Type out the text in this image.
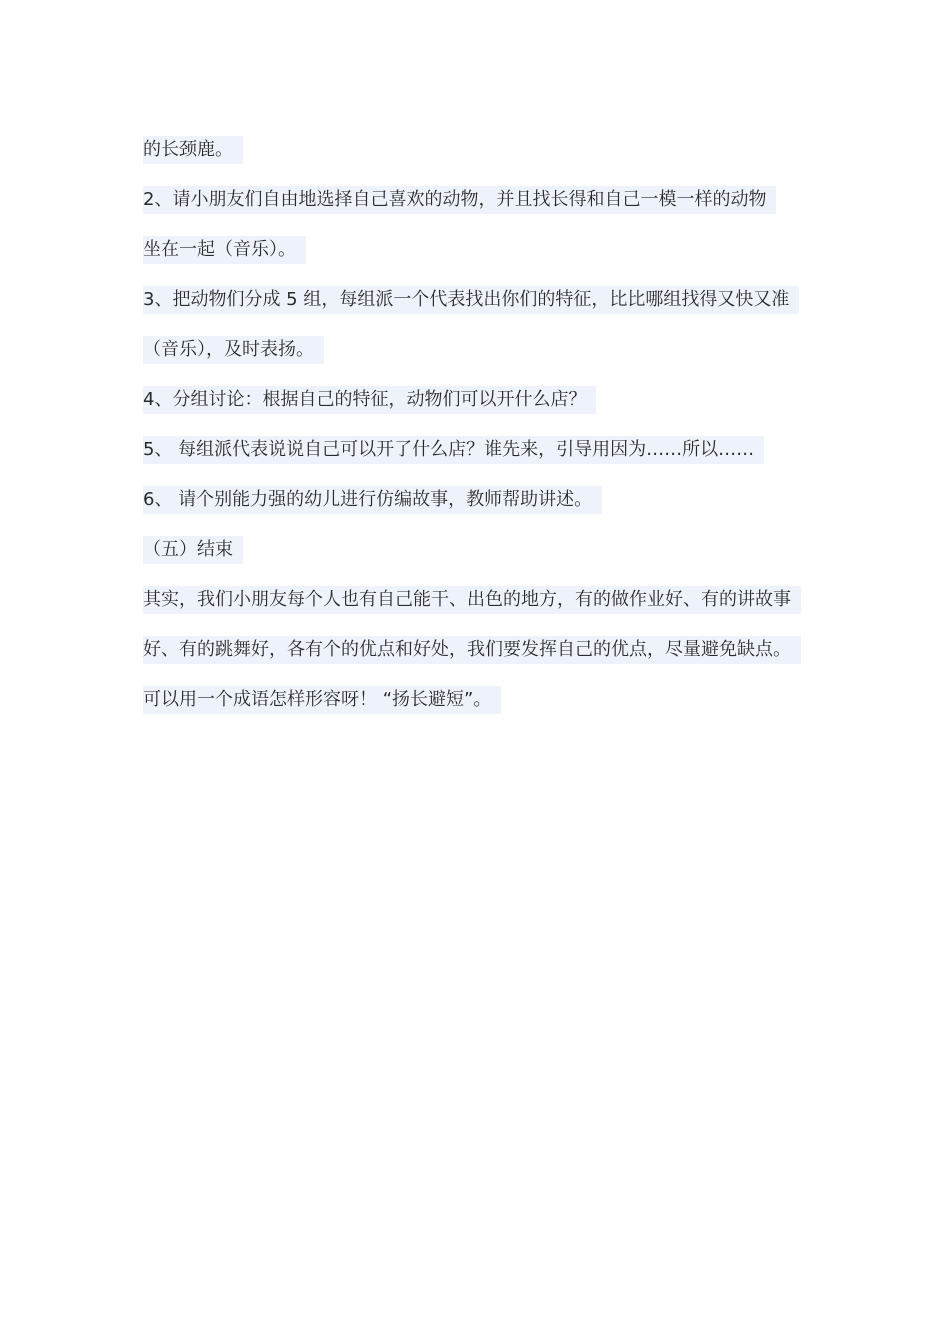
的长颈鹿。
2、请小朋友们自由地选择自己喜欢的动物，并且找长得和自己一模一样的动物
坐在一起（音乐）。
3、把动物们分成 5 组，每组派一个代表找出你们的特征，比比哪组找得又快又准
（音乐），及时表扬。
4、分组讨论：根据自己的特征，动物们可以开什么店？
5、 每组派代表说说自己可以开了什么店？谁先来，引导用因为……所以……
6、 请个别能力强的幼儿进行仿编故事，教师帮助讲述。
（五）结束
其实，我们小朋友每个人也有自己能干、出色的地方，有的做作业好、有的讲故事
好、有的跳舞好，各有个的优点和好处，我们要发挥自己的优点，尽量避免缺点。
可以用一个成语怎样形容呀！ “扬长避短”。
